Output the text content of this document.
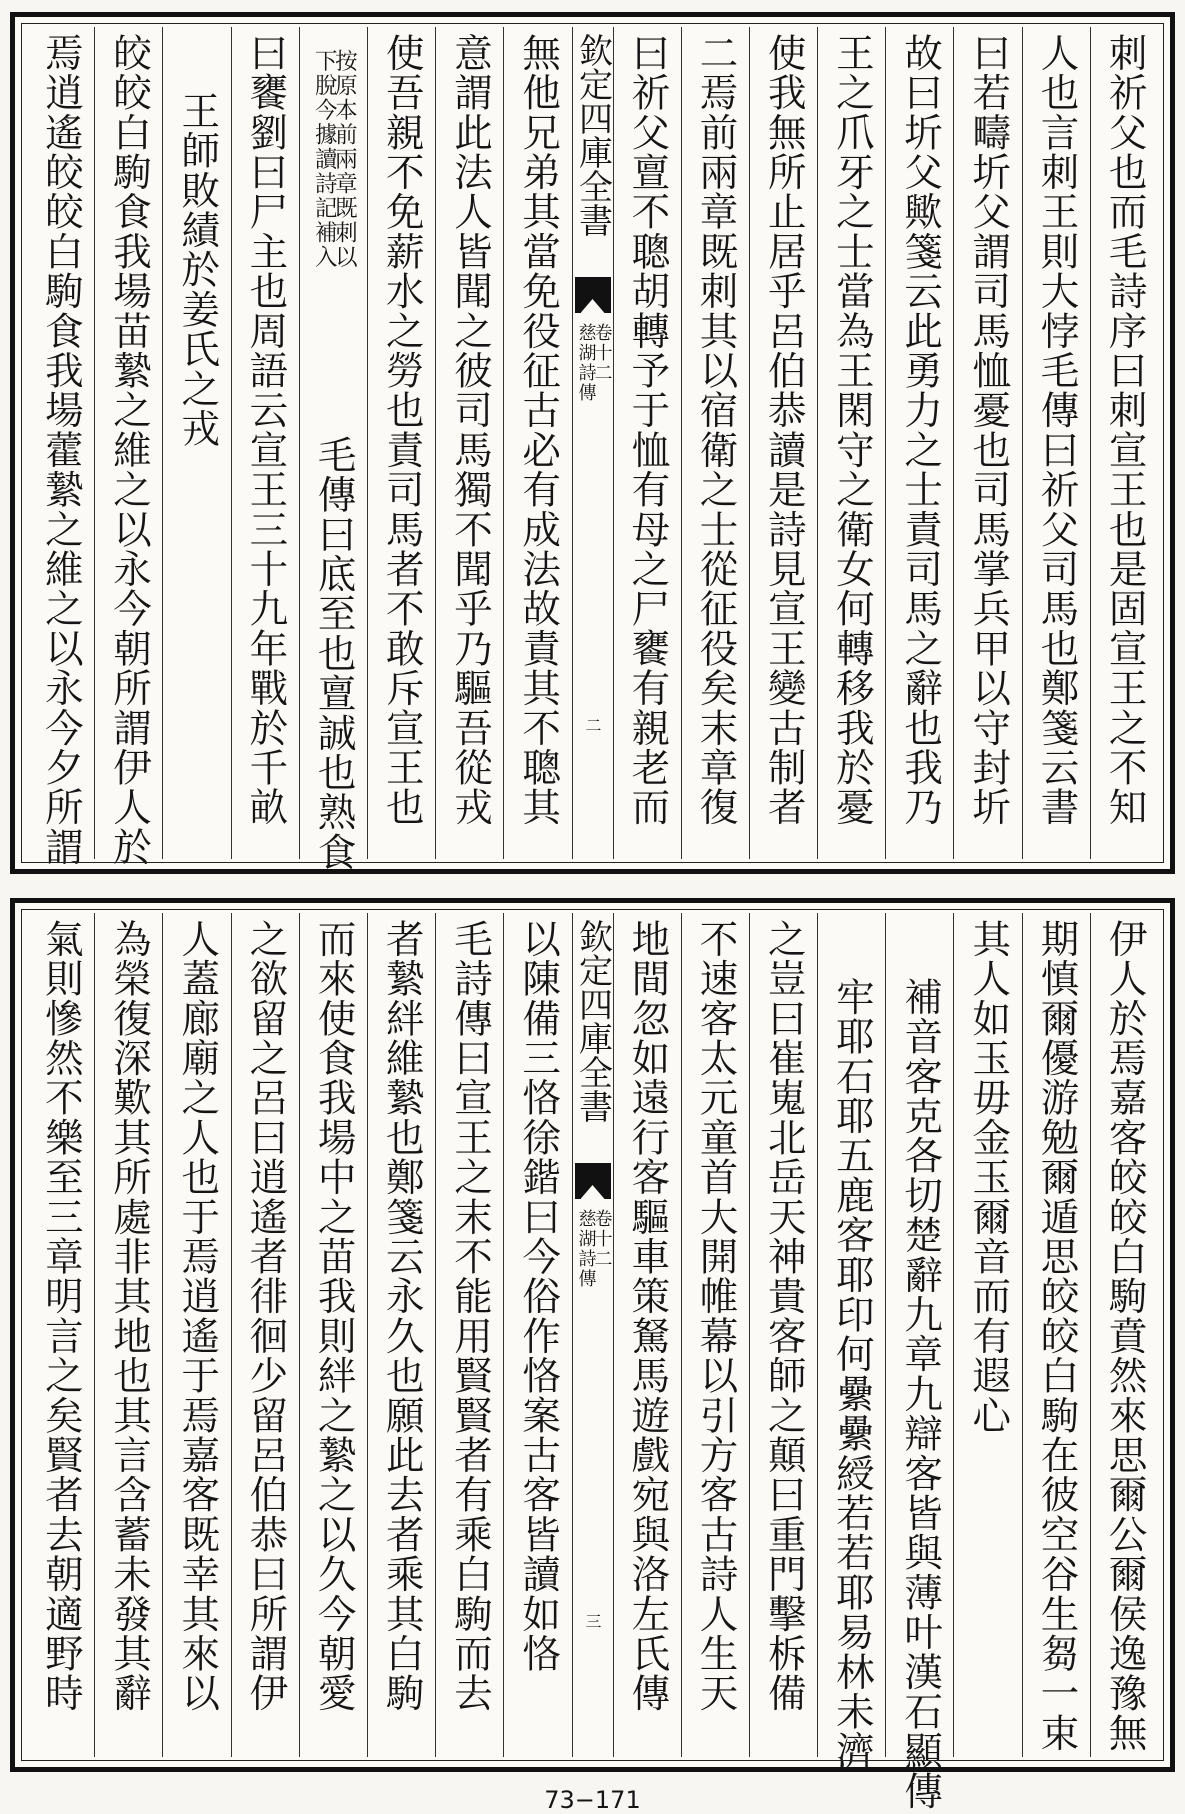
刺祈父也而毛詩序曰刺宣王也是固宣王之不知
人也言刺王則大悖毛傳曰祈父司馬也鄭箋云書
曰若疇圻父謂司馬恤憂也司馬掌兵甲以守封圻
故曰圻父歟箋云此勇力之士責司馬之辭也我乃
王之爪牙之士當為王閑守之衛女何轉移我於憂
使我無所止居乎呂伯恭讀是詩見宣王變古制者
二焉前兩章既刺其以宿衛之士從征役矣末章復
曰祈父亶不聰胡轉予于恤有母之尸饔有親老而
欽定四庫全書
卷十二
慈湖詩傳
二
無他兄弟其當免役征古必有成法故責其不聰其
意謂此法人皆聞之彼司馬獨不聞乎乃驅吾從戎
使吾親不免薪水之勞也責司馬者不敢斥宣王也
按原本前兩章既刺以
下脫今據讀詩記補入
毛傳曰底至也亶誠也熟食
曰饔劉曰尸主也周語云宣王三十九年戰於千畝
王師敗績於姜氏之戎
皎皎白駒食我場苗縶之維之以永今朝所謂伊人於
焉逍遙皎皎白駒食我場藿縶之維之以永今夕所謂
伊人於焉嘉客皎皎白駒賁然來思爾公爾侯逸豫無
期慎爾優游勉爾遁思皎皎白駒在彼空谷生芻一束
其人如玉毋金玉爾音而有遐心
補音客克各切楚辭九章九辯客皆與薄叶漢石顯傳
牢耶石耶五鹿客耶印何纍纍綬若若耶易林未濟
之豈曰崔嵬北岳天神貴客師之顛曰重門擊柝備
不速客太元童首大開帷幕以引方客古詩人生天
地間忽如遠行客驅車策駑馬遊戲宛與洛左氏傳
欽定四庫全書
卷十二
慈湖詩傳
三
以陳備三恪徐鍇曰今俗作恪案古客皆讀如恪
毛詩傳曰宣王之末不能用賢賢者有乘白駒而去
者縶絆維縶也鄭箋云永久也願此去者乘其白駒
而來使食我場中之苗我則絆之縶之以久今朝愛
之欲留之呂曰逍遙者徘徊少留呂伯恭曰所謂伊
人蓋廊廟之人也于焉逍遙于焉嘉客既幸其來以
為榮復深歎其所處非其地也其言含蓄未發其辭
氣則慘然不樂至三章明言之矣賢者去朝適野時
73−171
